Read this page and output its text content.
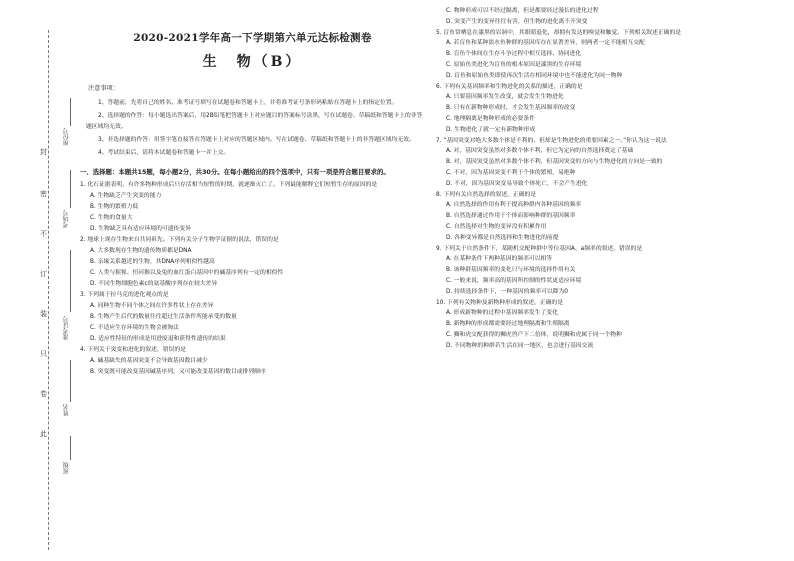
封
密
不
订
装
只
卷
此
座位号
考场号
准考证号
姓名
班级
2020-2021学年高一下学期第六单元达标检测卷
生　物（B）
注意事项：

1、答题前，先将自己的姓名、准考证号填写在试题卷和答题卡上，并将准考证号条形码粘贴在答题卡上的指定位置。

2、选择题的作答：每小题选出答案后，用2B铅笔把答题卡上对应题目的答案标号涂黑，写在试题卷、草稿纸和答题卡上的非答题区域均无效。

3、非选择题的作答：用签字笔直接答在答题卡上对应的答题区域内。写在试题卷、草稿纸和答题卡上的非答题区域均无效。

4、考试结束后，请将本试题卷和答题卡一并上交。

一、选择题：本题共15题，每小题2分，共30分。在每小题给出的四个选项中，只有一项是符合题目要求的。

1. 化石证据表明，有许多物种形成后只存活相当短暂的时期，就逐渐灭亡了。下列最能解释它们短暂生存的原因的是

A. 生物缺乏产生突变的能力

B. 生物的繁殖力低

C. 生物的食量大

D. 生物缺乏具有适应环境的可遗传变异

2. 地球上现存生物来自共同祖先。下列有关分子生物学证据的说法，错误的是

A. 大多数现存生物的遗传物质都是DNA

B. 亲缘关系越近的生物，其DNA序列相似性越高

C. 人类与猩猩、恒河猴以及兔的血红蛋白基因中的碱基序列有一定的相似性

D. 不同生物细胞色素c的氨基酸序列存在较大差异

3. 下列属于拉马克的进化观点的是

A. 同种生物不同个体之间在许多性状上存在差异

B. 生物产生后代的数量往往超过生活条件所能承受的数量

C. 不适应生存环境的生物会被淘汰

D. 适应性特征的形成是用进废退和获得性遗传的结果

4. 下列关于突变和进化的叙述，错误的是

A. 碱基缺失的基因突变不会导致基因数目减少

B. 突变既可能改变基因碱基序列，又可能改变基因的数目或排列顺序

C. 物种形成可以不经过隔离，但是都要经过漫长的进化过程

D. 突变产生的变异往往有害，但生物的进化离不开突变

5. 盲鱼常栖息在漆黑的岩洞中，其眼睛退化，却拥有发达的嗅觉和触觉。下列相关叙述正确的是

A. 若盲鱼和某种淡水鱼种群的基因库存在显著差异，则两者一定不能相互交配

B. 盲鱼个体间在生存斗争过程中相互选择、协同进化

C. 原始鱼类进化为盲鱼的根本原因是漆黑的生存环境

D. 盲鱼和原始鱼类即使再次生活在相同环境中也不能进化为同一物种

6. 下列有关基因频率和生物进化的关系的描述，正确的是

A. 只要基因频率发生改变，就会发生生物进化

B. 只有在新物种形成时，才会发生基因频率的改变

C. 地理隔离是物种形成的必要条件

D. 生物进化了就一定有新物种形成

7. “基因突变对绝大多数个体是不利的，但却是生物进化的重要因素之一。”你认为这一说法

A. 对，基因突变虽然对多数个体不利，但它为定向的自然选择奠定了基础

B. 对，基因突变虽然对多数个体不利，但基因突变的方向与生物进化的方向是一致的

C. 不对，因为基因突变不利于个体的繁殖，易绝种

D. 不对，因为基因突变易导致个体死亡，不会产生进化

8. 下列有关自然选择的叙述，正确的是

A. 自然选择的作用有利于提高种群内各种基因的频率

B. 自然选择通过作用于个体而影响种群的基因频率

C. 自然选择对生物的变异没有积累作用

D. 各种变异都是自然选择和生物进化的前提

9. 下列关于自然条件下，某随机交配种群中等位基因A、a频率的叙述，错误的是

A. 在某种条件下两种基因的频率可以相等

B. 该种群基因频率的变化只与环境的选择作用有关

C. 一般来说，频率高的基因所控制的性状更适应环境

D. 持续选择条件下，一种基因的频率可以降为0

10. 下列有关物种及新物种形成的叙述，正确的是

A. 形成新物种的过程中基因频率发生了变化

B. 新物种的形成都需要经过地理隔离和生殖隔离

C. 狮和虎交配获得的狮虎兽产下二倍体，说明狮和虎属于同一个物种

D. 不同物种的种群若生活在同一地区，也会进行基因交流
